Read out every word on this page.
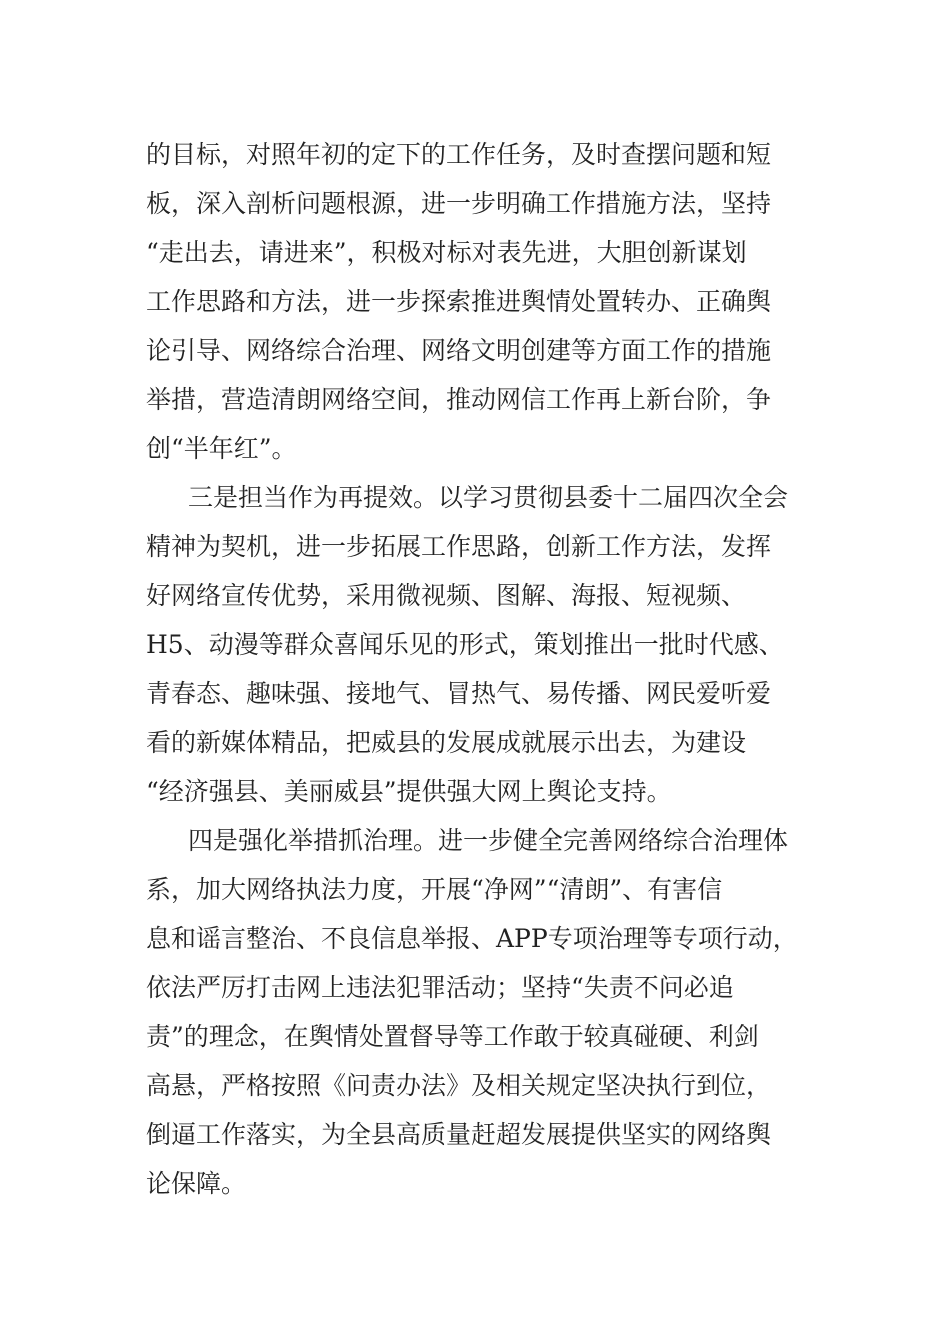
的目标，对照年初的定下的工作任务，及时查摆问题和短
板，深入剖析问题根源，进一步明确工作措施方法，坚持
“走出去，请进来”，积极对标对表先进，大胆创新谋划
工作思路和方法，进一步探索推进舆情处置转办、正确舆
论引导、网络综合治理、网络文明创建等方面工作的措施
举措，营造清朗网络空间，推动网信工作再上新台阶，争
创“半年红”。
三是担当作为再提效。以学习贯彻县委十二届四次全会
精神为契机，进一步拓展工作思路，创新工作方法，发挥
好网络宣传优势，采用微视频、图解、海报、短视频、
H5、动漫等群众喜闻乐见的形式，策划推出一批时代感、
青春态、趣味强、接地气、冒热气、易传播、网民爱听爱
看的新媒体精品，把威县的发展成就展示出去，为建设
“经济强县、美丽威县”提供强大网上舆论支持。
四是强化举措抓治理。进一步健全完善网络综合治理体
系，加大网络执法力度，开展“净网”“清朗”、有害信
息和谣言整治、不良信息举报、APP专项治理等专项行动，
依法严厉打击网上违法犯罪活动；坚持“失责不问必追
责”的理念，在舆情处置督导等工作敢于较真碰硬、利剑
高悬，严格按照《问责办法》及相关规定坚决执行到位，
倒逼工作落实，为全县高质量赶超发展提供坚实的网络舆
论保障。
